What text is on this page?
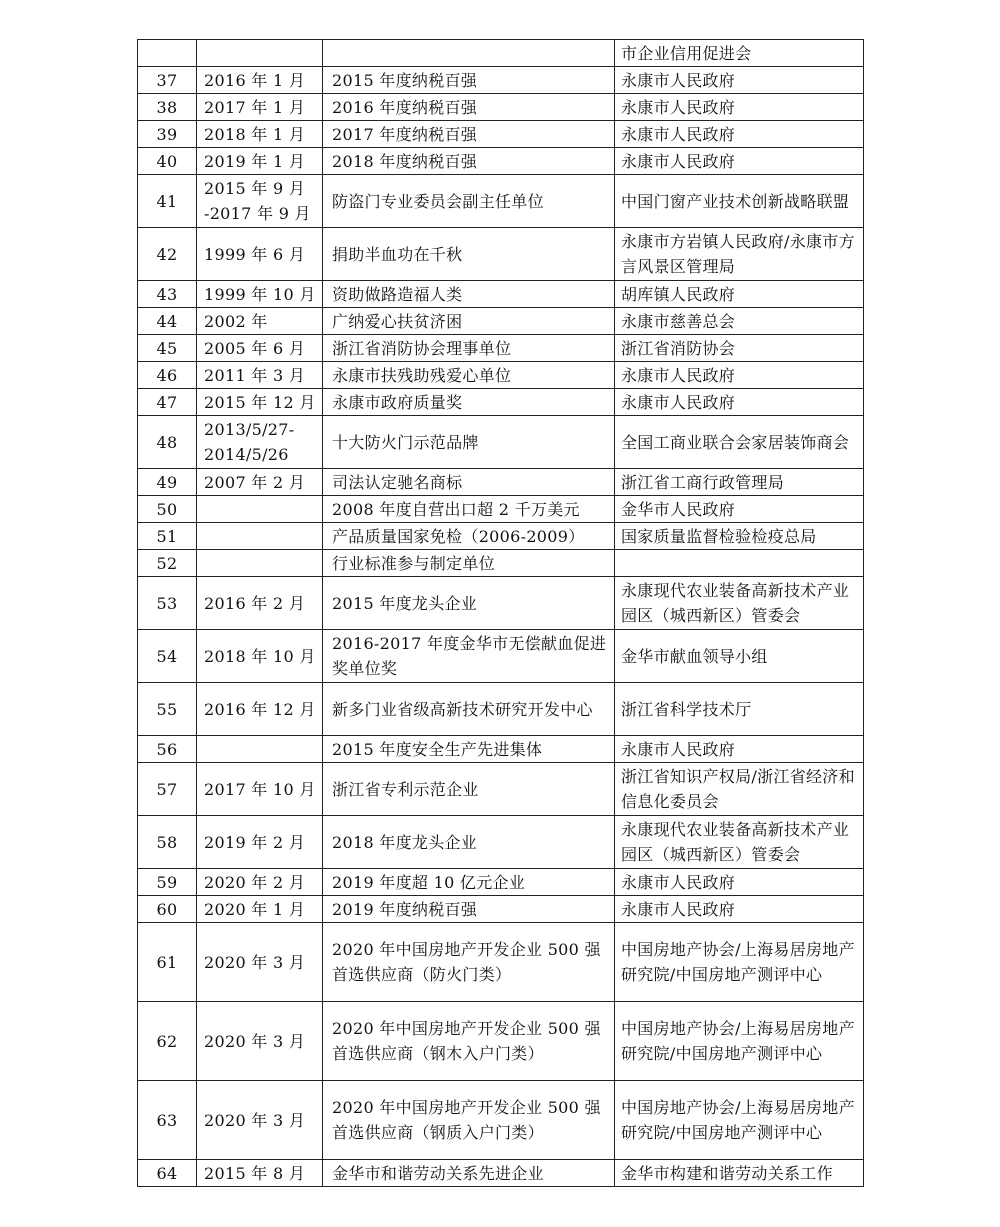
			市企业信用促进会
37	2016 年 1 月	2015 年度纳税百强	永康市人民政府
38	2017 年 1 月	2016 年度纳税百强	永康市人民政府
39	2018 年 1 月	2017 年度纳税百强	永康市人民政府
40	2019 年 1 月	2018 年度纳税百强	永康市人民政府
41	2015 年 9 月 -2017 年 9 月	防盗门专业委员会副主任单位	中国门窗产业技术创新战略联盟
42	1999 年 6 月	捐助半血功在千秋	永康市方岩镇人民政府/永康市方言风景区管理局
43	1999 年 10 月	资助做路造福人类	胡库镇人民政府
44	2002 年	广纳爱心扶贫济困	永康市慈善总会
45	2005 年 6 月	浙江省消防协会理事单位	浙江省消防协会
46	2011 年 3 月	永康市扶残助残爱心单位	永康市人民政府
47	2015 年 12 月	永康市政府质量奖	永康市人民政府
48	2013/5/27-2014/5/26	十大防火门示范品牌	全国工商业联合会家居装饰商会
49	2007 年 2 月	司法认定驰名商标	浙江省工商行政管理局
50		2008 年度自营出口超 2 千万美元	金华市人民政府
51		产品质量国家免检（2006-2009）	国家质量监督检验检疫总局
52		行业标准参与制定单位	
53	2016 年 2 月	2015 年度龙头企业	永康现代农业装备高新技术产业园区（城西新区）管委会
54	2018 年 10 月	2016-2017 年度金华市无偿献血促进奖单位奖	金华市献血领导小组
55	2016 年 12 月	新多门业省级高新技术研究开发中心	浙江省科学技术厅
56		2015 年度安全生产先进集体	永康市人民政府
57	2017 年 10 月	浙江省专利示范企业	浙江省知识产权局/浙江省经济和信息化委员会
58	2019 年 2 月	2018 年度龙头企业	永康现代农业装备高新技术产业园区（城西新区）管委会
59	2020 年 2 月	2019 年度超 10 亿元企业	永康市人民政府
60	2020 年 1 月	2019 年度纳税百强	永康市人民政府
61	2020 年 3 月	2020 年中国房地产开发企业 500 强首选供应商（防火门类）	中国房地产协会/上海易居房地产研究院/中国房地产测评中心
62	2020 年 3 月	2020 年中国房地产开发企业 500 强首选供应商（钢木入户门类）	中国房地产协会/上海易居房地产研究院/中国房地产测评中心
63	2020 年 3 月	2020 年中国房地产开发企业 500 强首选供应商（钢质入户门类）	中国房地产协会/上海易居房地产研究院/中国房地产测评中心
64	2015 年 8 月	金华市和谐劳动关系先进企业	金华市构建和谐劳动关系工作
